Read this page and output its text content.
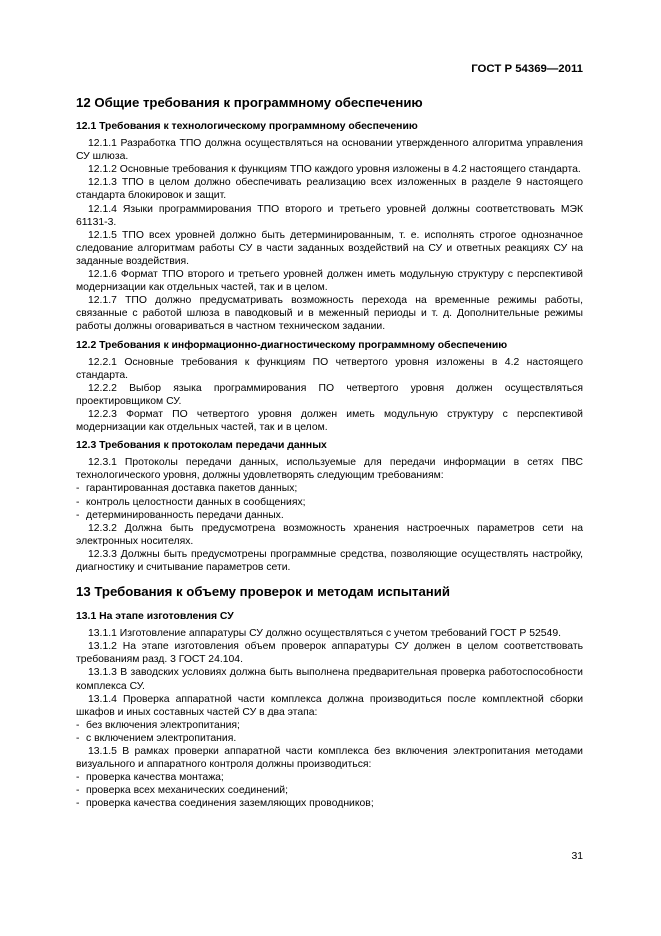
ГОСТ Р 54369—2011
12 Общие требования к программному обеспечению
12.1 Требования к технологическому программному обеспечению

12.1.1 Разработка ТПО должна осуществляться на основании утвержденного алгоритма управления СУ шлюза.

12.1.2 Основные требования к функциям ТПО каждого уровня изложены в 4.2 настоящего стандарта.

12.1.3 ТПО в целом должно обеспечивать реализацию всех изложенных в разделе 9 настоящего стандарта блокировок и защит.

12.1.4 Языки программирования ТПО второго и третьего уровней должны соответствовать МЭК 61131-3.

12.1.5 ТПО всех уровней должно быть детерминированным, т. е. исполнять строгое однозначное следование алгоритмам работы СУ в части заданных воздействий на СУ и ответных реакциях СУ на заданные воздействия.

12.1.6 Формат ТПО второго и третьего уровней должен иметь модульную структуру с перспективой модернизации как отдельных частей, так и в целом.

12.1.7 ТПО должно предусматривать возможность перехода на временные режимы работы, связанные с работой шлюза в паводковый и в меженный периоды и т. д. Дополнительные режимы работы должны оговариваться в частном техническом задании.

12.2 Требования к информационно-диагностическому программному обеспечению

12.2.1 Основные требования к функциям ПО четвертого уровня изложены в 4.2 настоящего стандарта.

12.2.2 Выбор языка программирования ПО четвертого уровня должен осуществляться проектировщиком СУ.

12.2.3 Формат ПО четвертого уровня должен иметь модульную структуру с перспективой модернизации как отдельных частей, так и в целом.

12.3 Требования к протоколам передачи данных

12.3.1 Протоколы передачи данных, используемые для передачи информации в сетях ПВС технологического уровня, должны удовлетворять следующим требованиям:

- гарантированная доставка пакетов данных;

- контроль целостности данных в сообщениях;

- детерминированность передачи данных.

12.3.2 Должна быть предусмотрена возможность хранения настроечных параметров сети на электронных носителях.

12.3.3 Должны быть предусмотрены программные средства, позволяющие осуществлять настройку, диагностику и считывание параметров сети.

13 Требования к объему проверок и методам испытаний
13.1 На этапе изготовления СУ

13.1.1 Изготовление аппаратуры СУ должно осуществляться с учетом требований ГОСТ Р 52549.

13.1.2 На этапе изготовления объем проверок аппаратуры СУ должен в целом соответствовать требованиям разд. 3 ГОСТ 24.104.

13.1.3 В заводских условиях должна быть выполнена предварительная проверка работоспособности комплекса СУ.

13.1.4 Проверка аппаратной части комплекса должна производиться после комплектной сборки шкафов и иных составных частей СУ в два этапа:

- без включения электропитания;

- с включением электропитания.

13.1.5 В рамках проверки аппаратной части комплекса без включения электропитания методами визуального и аппаратного контроля должны производиться:

- проверка качества монтажа;

- проверка всех механических соединений;

- проверка качества соединения заземляющих проводников;

31
